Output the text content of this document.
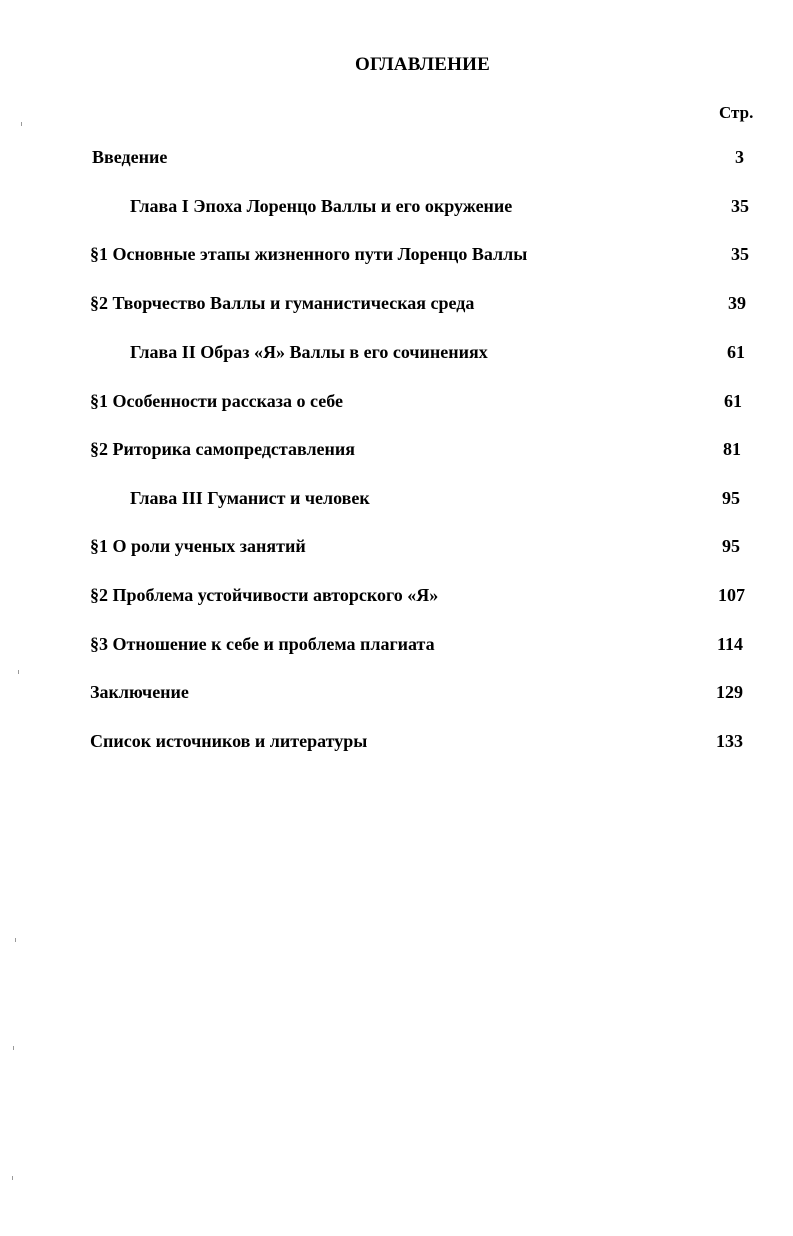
ОГЛАВЛЕНИЕ
Стр.
Введение	3
Глава I Эпоха Лоренцо Валлы и его окружение	35
§1 Основные этапы жизненного пути Лоренцо Валлы	35
§2 Творчество Валлы и гуманистическая среда	39
Глава II Образ «Я» Валлы в его сочинениях	61
§1 Особенности рассказа о себе	61
§2 Риторика самопредставления	81
Глава III Гуманист и человек	95
§1 О роли ученых занятий	95
§2 Проблема устойчивости авторского «Я»	107
§3 Отношение к себе и проблема плагиата	114
Заключение	129
Список источников и литературы	133
